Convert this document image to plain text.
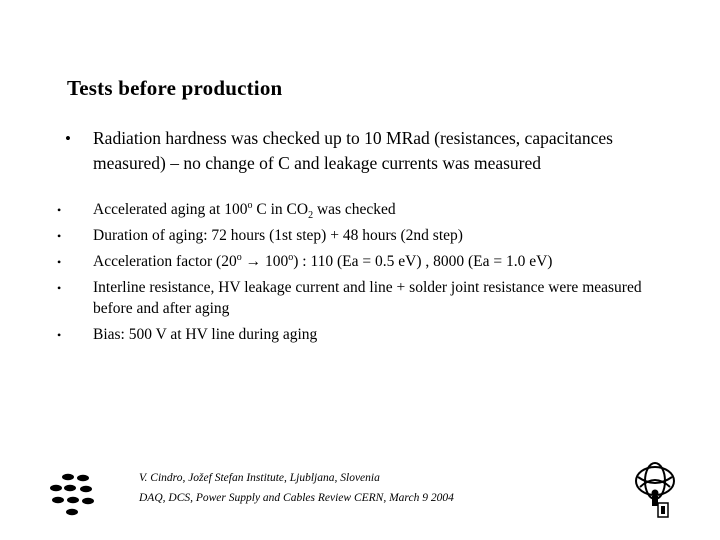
Tests before production
• Radiation hardness was checked up to 10 MRad (resistances, capacitances measured) – no change of C and leakage currents was measured
• Accelerated aging at 100$^o$ C in $CO_2$ was checked
• Duration of aging: 72 hours (1st step) + 48 hours (2nd step)
• Acceleration factor $(20^o \to 100^o)$ : 110 (Ea = 0.5 eV) , 8000 (Ea = 1.0 eV)
• Interline resistance, HV leakage current and line + solder joint resistance were measured before and after aging
• Bias: 500 V at HV line during aging
V. Cindro, Jožef Stefan Institute, Ljubljana, Slovenia
DAQ, DCS, Power Supply and Cables Review CERN, March 9 2004
